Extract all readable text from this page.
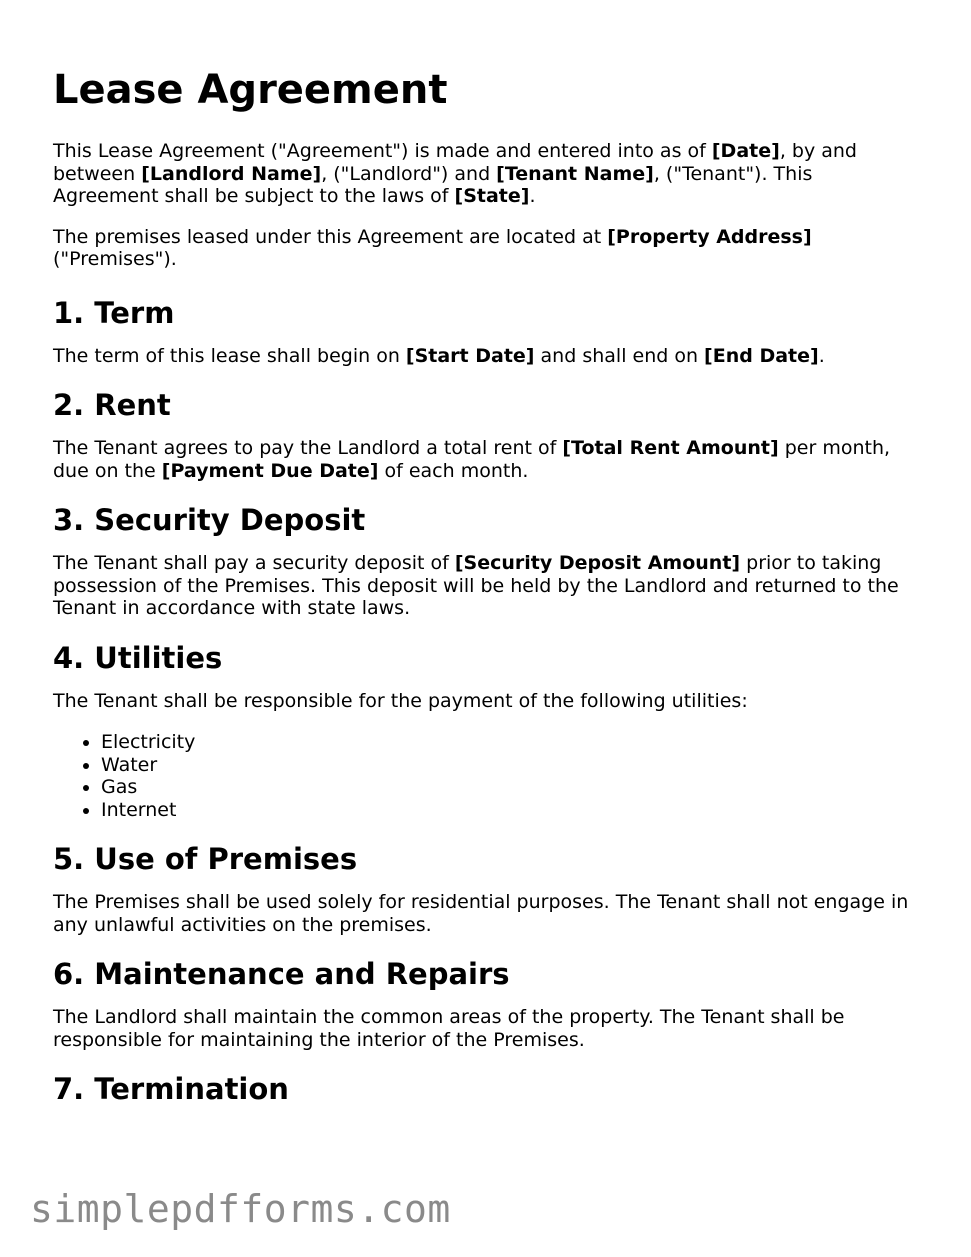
Lease Agreement

This Lease Agreement ("Agreement") is made and entered into as of [Date], by and between [Landlord Name], ("Landlord") and [Tenant Name], ("Tenant"). This Agreement shall be subject to the laws of [State].

The premises leased under this Agreement are located at [Property Address] ("Premises").

1. Term

The term of this lease shall begin on [Start Date] and shall end on [End Date].

2. Rent

The Tenant agrees to pay the Landlord a total rent of [Total Rent Amount] per month, due on the [Payment Due Date] of each month.

3. Security Deposit

The Tenant shall pay a security deposit of [Security Deposit Amount] prior to taking possession of the Premises. This deposit will be held by the Landlord and returned to the Tenant in accordance with state laws.

4. Utilities

The Tenant shall be responsible for the payment of the following utilities:

• Electricity
• Water
• Gas
• Internet
5. Use of Premises

The Premises shall be used solely for residential purposes. The Tenant shall not engage in any unlawful activities on the premises.

6. Maintenance and Repairs

The Landlord shall maintain the common areas of the property. The Tenant shall be responsible for maintaining the interior of the Premises.

7. Termination
simplepdfforms.com
